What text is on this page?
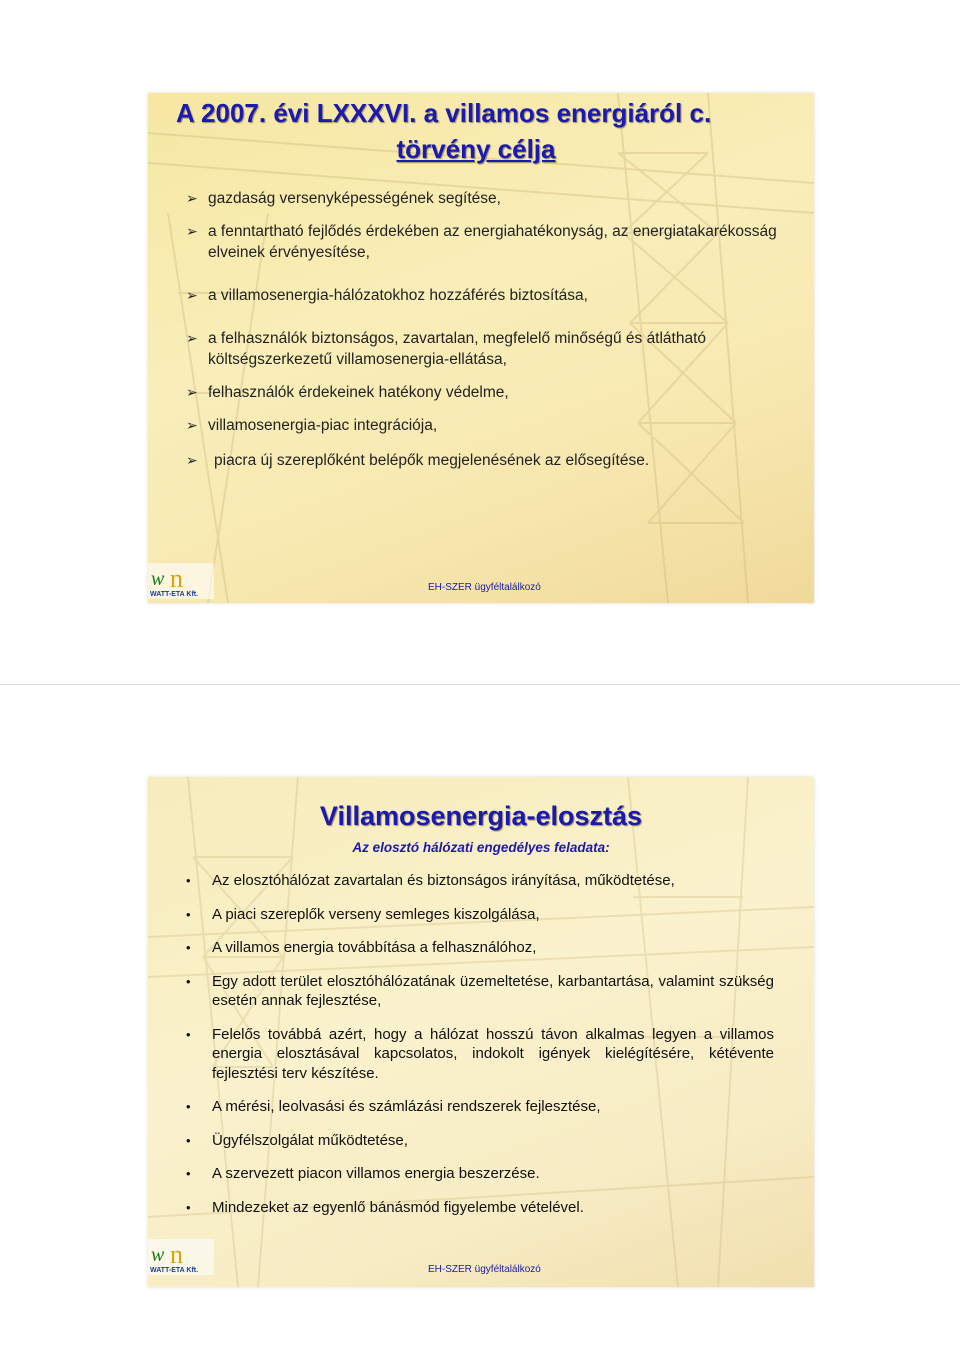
A 2007. évi LXXXVI. a villamos energiáról c.
törvény célja
➢ gazdaság versenyképességének segítése,
➢ a fenntartható fejlődés érdekében az energiahatékonyság, az energiatakarékosság elveinek érvényesítése,
➢ a villamosenergia-hálózatokhoz hozzáférés biztosítása,
➢ a felhasználók biztonságos, zavartalan, megfelelő minőségű és átlátható költségszerkezetű villamosenergia-ellátása,
➢ felhasználók érdekeinek hatékony védelme,
➢ villamosenergia-piac integrációja,
➢ piacra új szereplőként belépők megjelenésének az elősegítése.
w n
WATT-ETA Kft.
EH-SZER ügyféltalálkozó
Villamosenergia-elosztás
Az elosztó hálózati engedélyes feladata:
• Az elosztóhálózat zavartalan és biztonságos irányítása, működtetése,
• A piaci szereplők verseny semleges kiszolgálása,
• A villamos energia továbbítása a felhasználóhoz,
• Egy adott terület elosztóhálózatának üzemeltetése, karbantartása, valamint szükség esetén annak fejlesztése,
• Felelős továbbá azért, hogy a hálózat hosszú távon alkalmas legyen a villamos energia elosztásával kapcsolatos, indokolt igények kielégítésére, kétévente fejlesztési terv készítése.
• A mérési, leolvasási és számlázási rendszerek fejlesztése,
• Ügyfélszolgálat működtetése,
• A szervezett piacon villamos energia beszerzése.
• Mindezeket az egyenlő bánásmód figyelembe vételével.
w n
WATT-ETA Kft.	EH-SZER ügyféltalálkozó
